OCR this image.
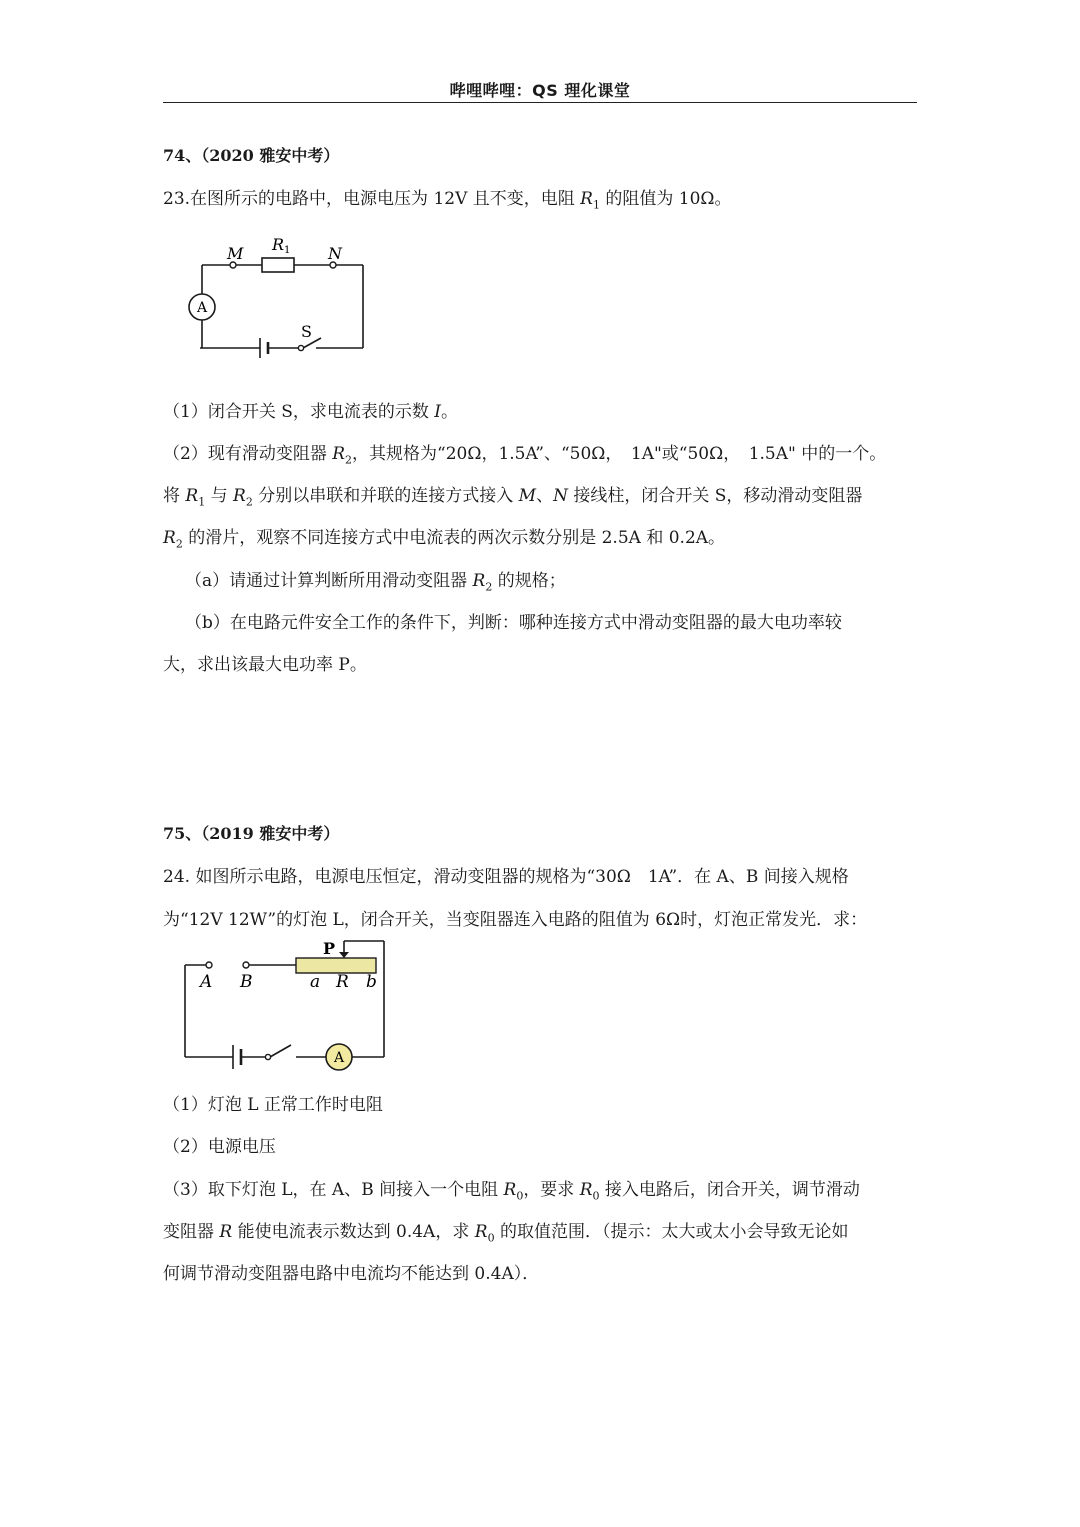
哔哩哔哩：QS 理化课堂
74、（2020 雅安中考）
23.在图所示的电路中，电源电压为 12V 且不变，电阻 $R_1$ 的阻值为 10Ω。
A
M	N
R1
S
（1）闭合开关 S，求电流表的示数 I。
（2）现有滑动变阻器 $R_2$，其规格为“20Ω，1.5A”、“50Ω，　1A"或“50Ω，　1.5A" 中的一个。
将 $R_1$ 与 $R_2$ 分别以串联和并联的连接方式接入 M、N 接线柱，闭合开关 S，移动滑动变阻器
$R_2$ 的滑片，观察不同连接方式中电流表的两次示数分别是 2.5A 和 0.2A。
（a）请通过计算判断所用滑动变阻器 $R_2$ 的规格；
（b）在电路元件安全工作的条件下，判断：哪种连接方式中滑动变阻器的最大电功率较
大，求出该最大电功率 P。
75、（2019 雅安中考）
24. 如图所示电路，电源电压恒定，滑动变阻器的规格为“30Ω　1A”．在 A、B 间接入规格
为“12V 12W”的灯泡 L，闭合开关，当变阻器连入电路的阻值为 6Ω时，灯泡正常发光．求：
A
A B	a R b
P
（1）灯泡 L 正常工作时电阻
（2）电源电压
（3）取下灯泡 L，在 A、B 间接入一个电阻 $R_0$，要求 $R_0$ 接入电路后，闭合开关，调节滑动
变阻器 R 能使电流表示数达到 0.4A，求 $R_0$ 的取值范围．（提示：太大或太小会导致无论如
何调节滑动变阻器电路中电流均不能达到 0.4A）．
